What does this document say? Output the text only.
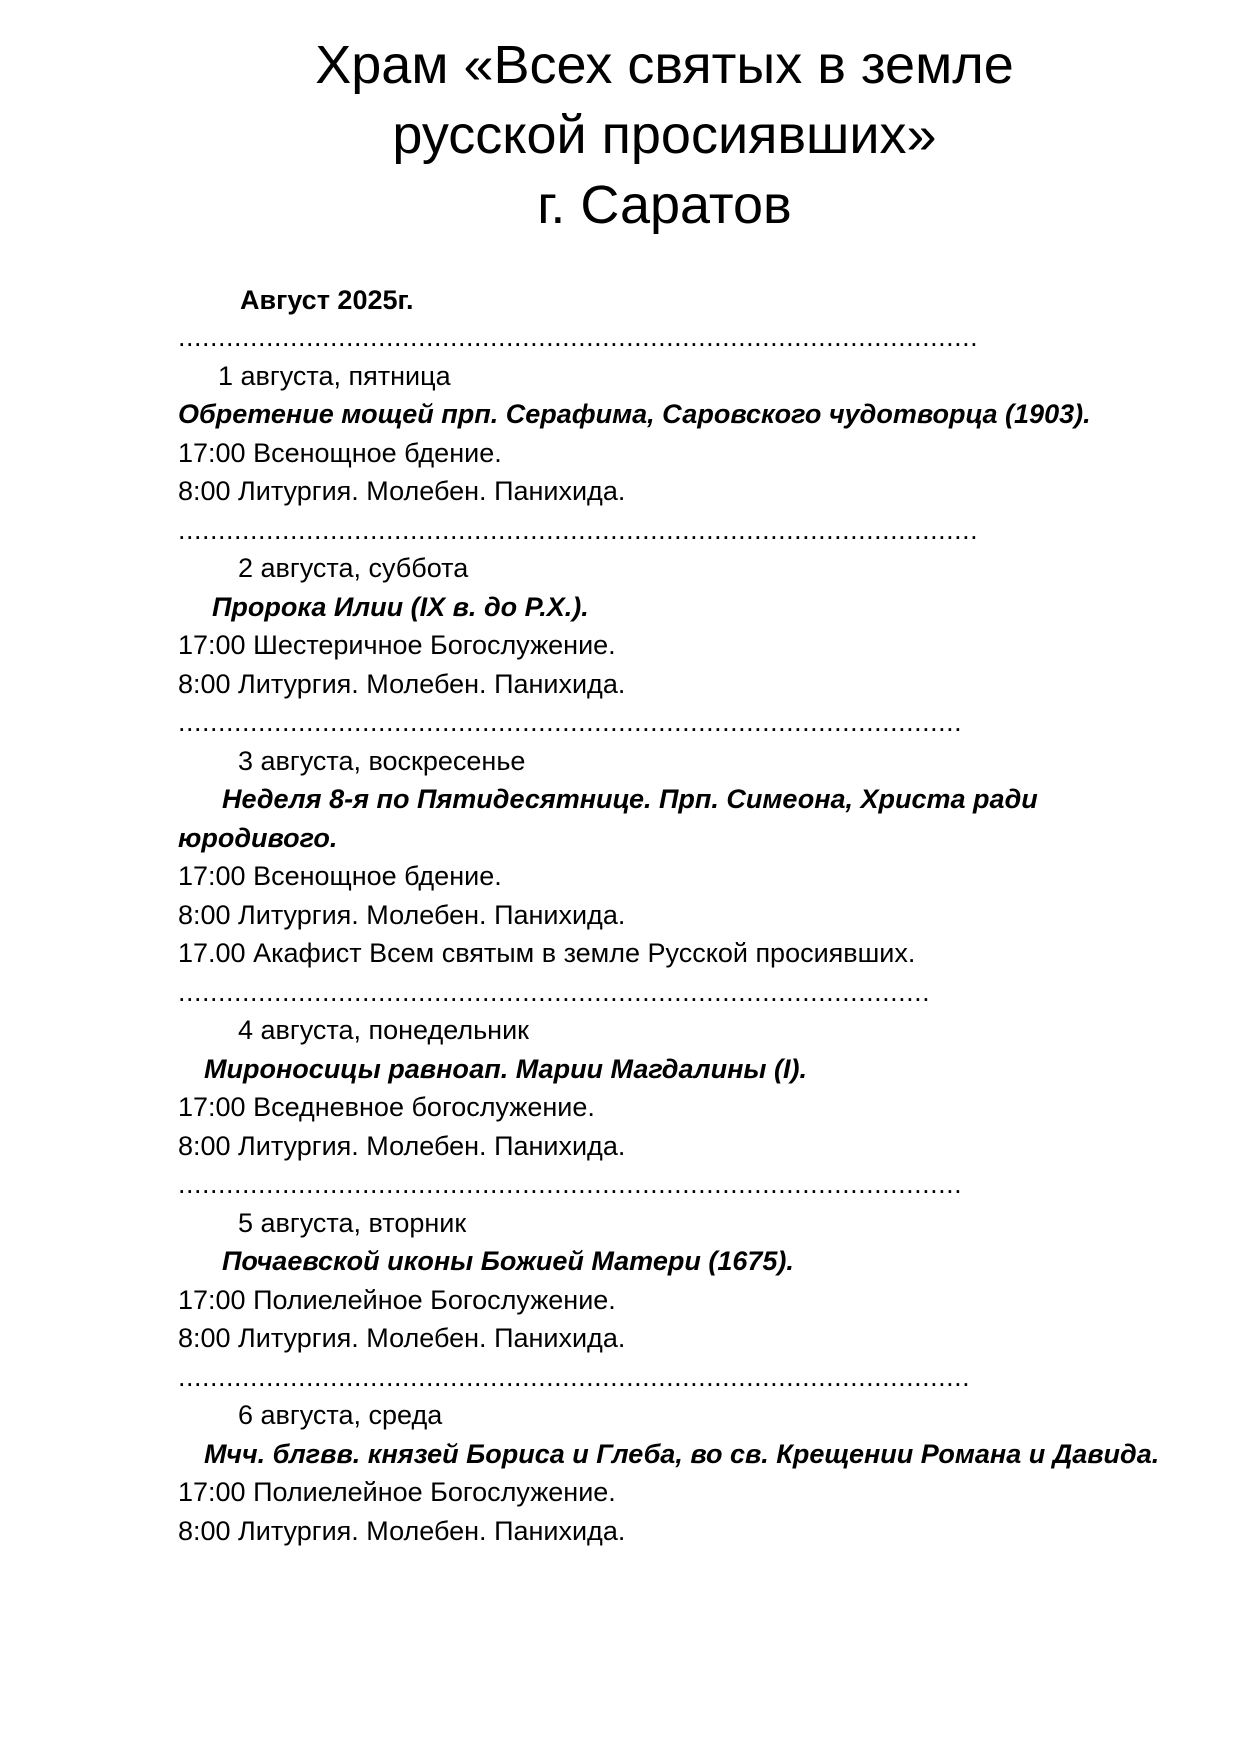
Храм «Всех святых в земле
русской просиявших»
г. Саратов
Август 2025г.
....................................................................................................
1 августа, пятница
Обретение мощей прп. Серафима, Саровского чудотворца (1903).
17:00 Всенощное бдение.
8:00 Литургия. Молебен. Панихида.
....................................................................................................
2 августа, суббота
Пророка Илии (IX в. до Р.Х.).
17:00 Шестеричное Богослужение.
8:00 Литургия. Молебен. Панихида.
..................................................................................................
3 августа, воскресенье
Неделя 8-я по Пятидесятнице. Прп. Симеона, Христа ради юродивого.
17:00 Всенощное бдение.
8:00 Литургия. Молебен. Панихида.
17.00 Акафист Всем святым в земле Русской просиявших.
..............................................................................................
4 августа, понедельник
Мироносицы равноап. Марии Магдалины (I).
17:00 Вседневное богослужение.
8:00 Литургия. Молебен. Панихида.
..................................................................................................
5 августа, вторник
Почаевской иконы Божией Матери (1675).
17:00 Полиелейное Богослужение.
8:00 Литургия. Молебен. Панихида.
...................................................................................................
6 августа, среда
Мчч. блгвв. князей Бориса и Глеба, во св. Крещении Романа и Давида.
17:00 Полиелейное Богослужение.
8:00 Литургия. Молебен. Панихида.
